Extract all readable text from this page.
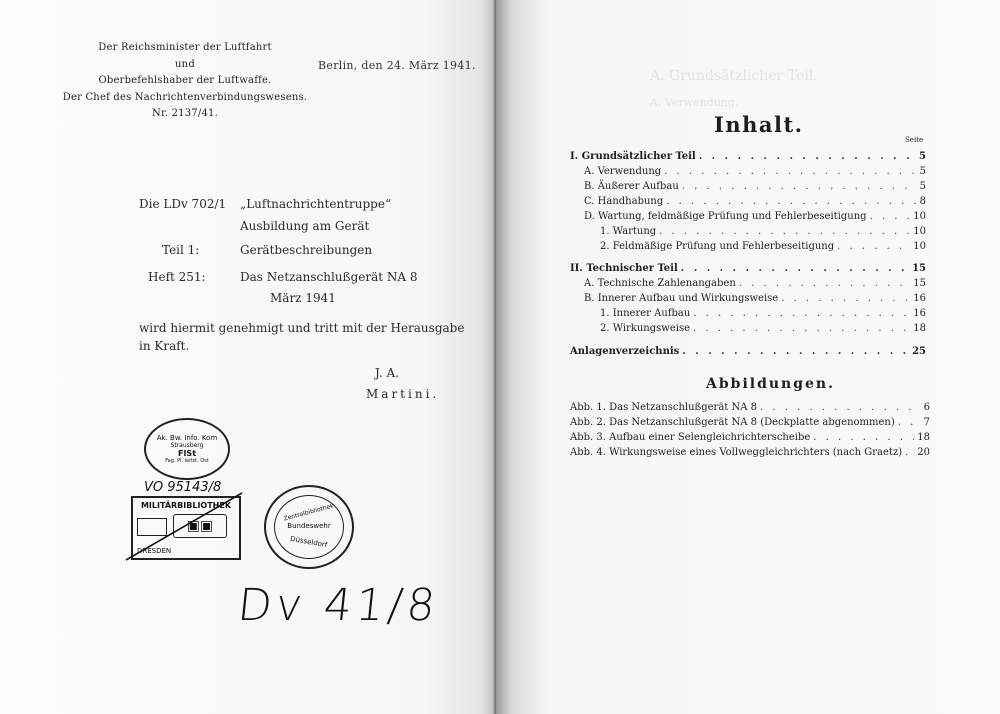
Der Reichsminister der Luftfahrt
und
Oberbefehlshaber der Luftwaffe.
Der Chef des Nachrichtenverbindungswesens.
Nr. 2137/41.
Berlin, den 24. März 1941.
Die LDv 702/1 „Luftnachrichtentruppe“
Ausbildung am Gerät
Teil 1:	Gerätbeschreibungen
Heft 251:	Das Netzanschlußgerät NA 8
März 1941
wird hiermit genehmigt und tritt mit der Herausgabe
in Kraft.
J. A.
Martini.
Ak. Bw. Info. Kom
Strausberg
FISt
Fag. Pl. leitst. Ost
VO 95143/8
MILITÄRBIBLIOTHEK
▣▣
DRESDEN
Zentralbibliothek
Bundeswehr
Düsseldorf
Dv 41/8
A. Grundsätzlicher Teil.
A. Verwendung.
Inhalt.
Seite
I. Grundsätzlicher Teil . . .	5
A. Verwendung . . .	5
B. Äußerer Aufbau . . .	5
C. Handhabung . . .	8
D. Wartung, feldmäßige Prüfung und Fehlerbeseitigung . . .	10
1. Wartung . . .	10
2. Feldmäßige Prüfung und Fehlerbeseitigung . . .	10
II. Technischer Teil . . .	15
A. Technische Zahlenangaben . . .	15
B. Innerer Aufbau und Wirkungsweise . . .	16
1. Innerer Aufbau . . .	16
2. Wirkungsweise . . .	18
Anlagenverzeichnis . . .	25
Abbildungen.
Abb. 1. Das Netzanschlußgerät NA 8 . . .	6
Abb. 2. Das Netzanschlußgerät NA 8 (Deckplatte abgenommen) . . .	7
Abb. 3. Aufbau einer Selengleichrichterscheibe . . .	18
Abb. 4. Wirkungsweise eines Vollweggleichrichters (nach Graetz) . . .	20
